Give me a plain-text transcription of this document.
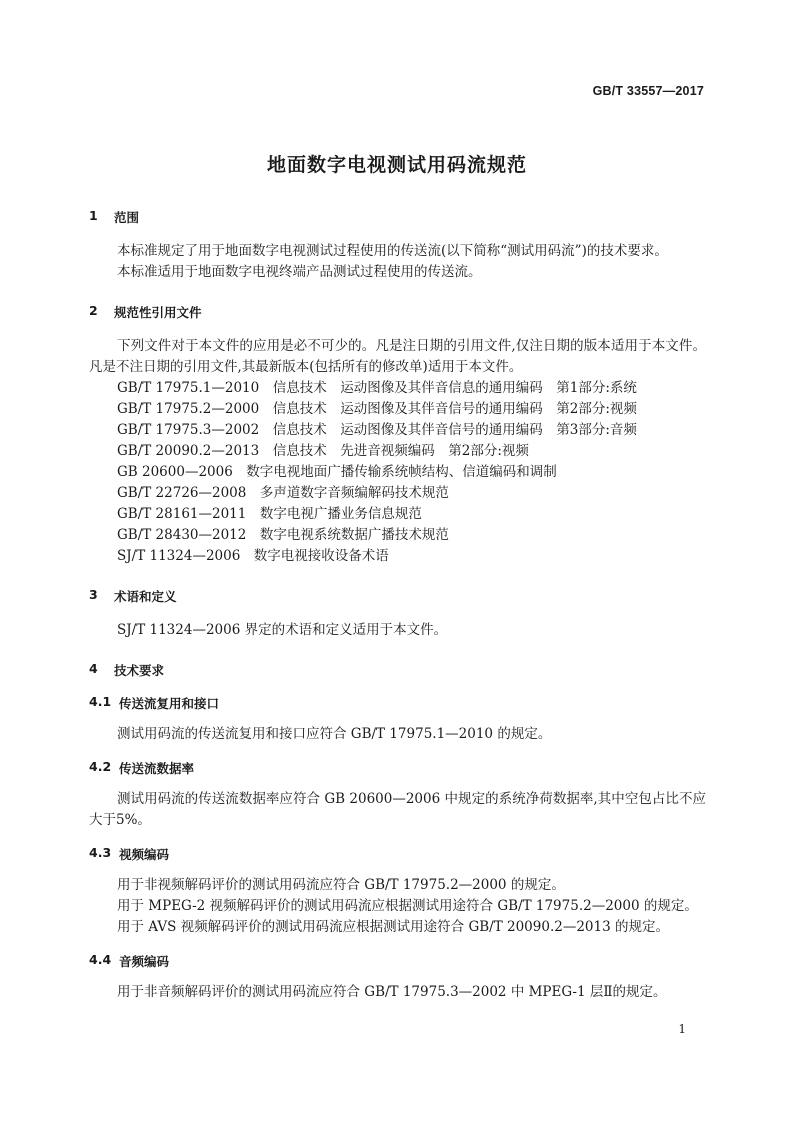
GB/T 33557—2017
地面数字电视测试用码流规范
1	范围

本标准规定了用于地面数字电视测试过程使用的传送流(以下简称“测试用码流”)的技术要求。

本标准适用于地面数字电视终端产品测试过程使用的传送流。

2	规范性引用文件

下列文件对于本文件的应用是必不可少的。凡是注日期的引用文件,仅注日期的版本适用于本文件。凡是不注日期的引用文件,其最新版本(包括所有的修改单)适用于本文件。

GB/T 17975.1—2010　信息技术　运动图像及其伴音信息的通用编码　第1部分:系统
GB/T 17975.2—2000　信息技术　运动图像及其伴音信号的通用编码　第2部分:视频
GB/T 17975.3—2002　信息技术　运动图像及其伴音信号的通用编码　第3部分:音频
GB/T 20090.2—2013　信息技术　先进音视频编码　第2部分:视频
GB 20600—2006　数字电视地面广播传输系统帧结构、信道编码和调制
GB/T 22726—2008　多声道数字音频编解码技术规范
GB/T 28161—2011　数字电视广播业务信息规范
GB/T 28430—2012　数字电视系统数据广播技术规范
SJ/T 11324—2006　数字电视接收设备术语
3	术语和定义

SJ/T 11324—2006 界定的术语和定义适用于本文件。

4	技术要求
4.1 传送流复用和接口

测试用码流的传送流复用和接口应符合 GB/T 17975.1—2010 的规定。

4.2 传送流数据率

测试用码流的传送流数据率应符合 GB 20600—2006 中规定的系统净荷数据率,其中空包占比不应大于5%。

4.3 视频编码

用于非视频解码评价的测试用码流应符合 GB/T 17975.2—2000 的规定。

用于 MPEG-2 视频解码评价的测试用码流应根据测试用途符合 GB/T 17975.2—2000 的规定。

用于 AVS 视频解码评价的测试用码流应根据测试用途符合 GB/T 20090.2—2013 的规定。

4.4 音频编码

用于非音频解码评价的测试用码流应符合 GB/T 17975.3—2002 中 MPEG-1 层Ⅱ的规定。

1
